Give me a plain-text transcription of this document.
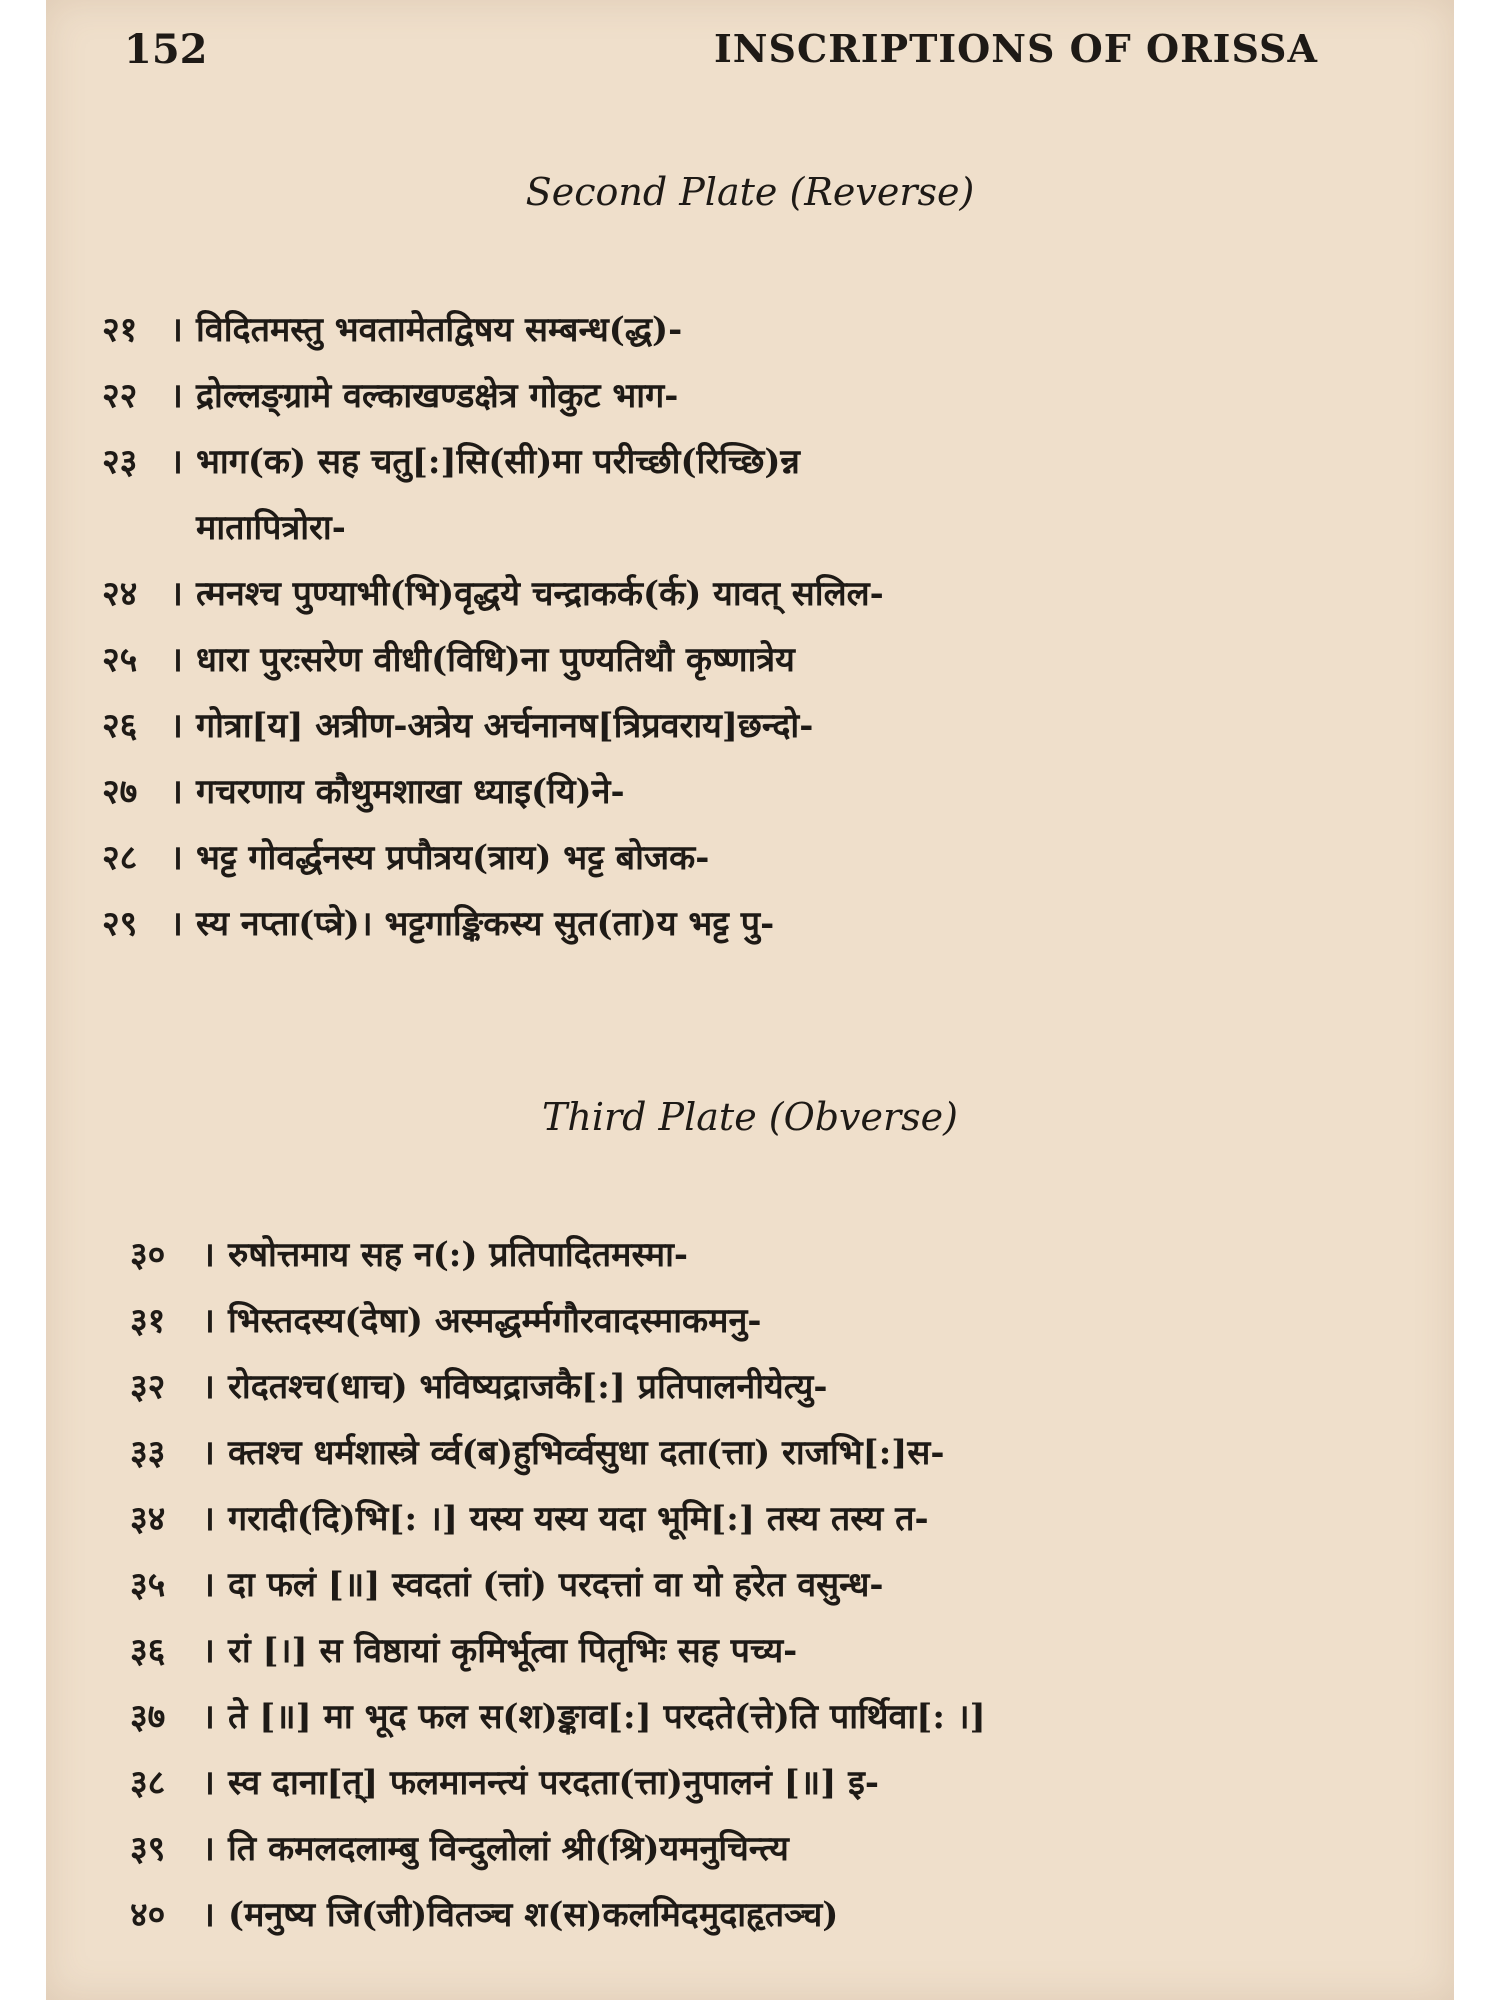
152	INSCRIPTIONS OF ORISSA
Second Plate (Reverse)
२१ । विदितमस्तु भवतामेतद्विषय सम्बन्ध(द्ध)-
२२ । द्रोल्लङ्ग्रामे वल्काखण्डक्षेत्र गोकुट भाग-
२३ । भाग(क) सह चतु[:]सि(सी)मा परीच्छी(रिच्छि)न्न
मातापित्रोरा-
२४ । त्मनश्च पुण्याभी(भि)वृद्धये चन्द्राकर्क(र्क) यावत् सलिल-
२५ । धारा पुरःसरेण वीधी(विधि)ना पुण्यतिथौ कृष्णात्रेय
२६ । गोत्रा[य] अत्रीण-अत्रेय अर्चनानष[त्रिप्रवराय]छन्दो-
२७ । गचरणाय कौथुमशाखा ध्याइ(यि)ने-
२८ । भट्ट गोवर्द्धनस्य प्रपौत्रय(त्राय) भट्ट बोजक-
२९ । स्य नप्ता(प्त्रे)। भट्टगाङ्किकस्य सुत(ता)य भट्ट पु-
Third Plate (Obverse)
३० । रुषोत्तमाय सह न(:) प्रतिपादितमस्मा-
३१ । भिस्तदस्य(देषा) अस्मद्धर्म्मगौरवादस्माकमनु-
३२ । रोदतश्च(धाच) भविष्यद्राजकै[:] प्रतिपालनीयेत्यु-
३३ । क्तश्च धर्मशास्त्रे र्व्व(ब)हुभिर्व्वसुधा दता(त्ता) राजभि[:]स-
३४ । गरादी(दि)भि[: ।] यस्य यस्य यदा भूमि[:] तस्य तस्य त-
३५ । दा फलं [॥] स्वदतां (त्तां) परदत्तां वा यो हरेत वसुन्ध-
३६ । रां [।] स विष्ठायां कृमिर्भूत्वा पितृभिः सह पच्य-
३७ । ते [॥] मा भूद फल स(श)ङ्काव[:] परदते(त्ते)ति पार्थिवा[: ।]
३८ । स्व दाना[त्] फलमानन्त्यं परदता(त्ता)नुपालनं [॥] इ-
३९ । ति कमलदलाम्बु विन्दुलोलां श्री(श्रि)यमनुचिन्त्य
४० । (मनुष्य जि(जी)वितञ्च श(स)कलमिदमुदाहृतञ्च)
